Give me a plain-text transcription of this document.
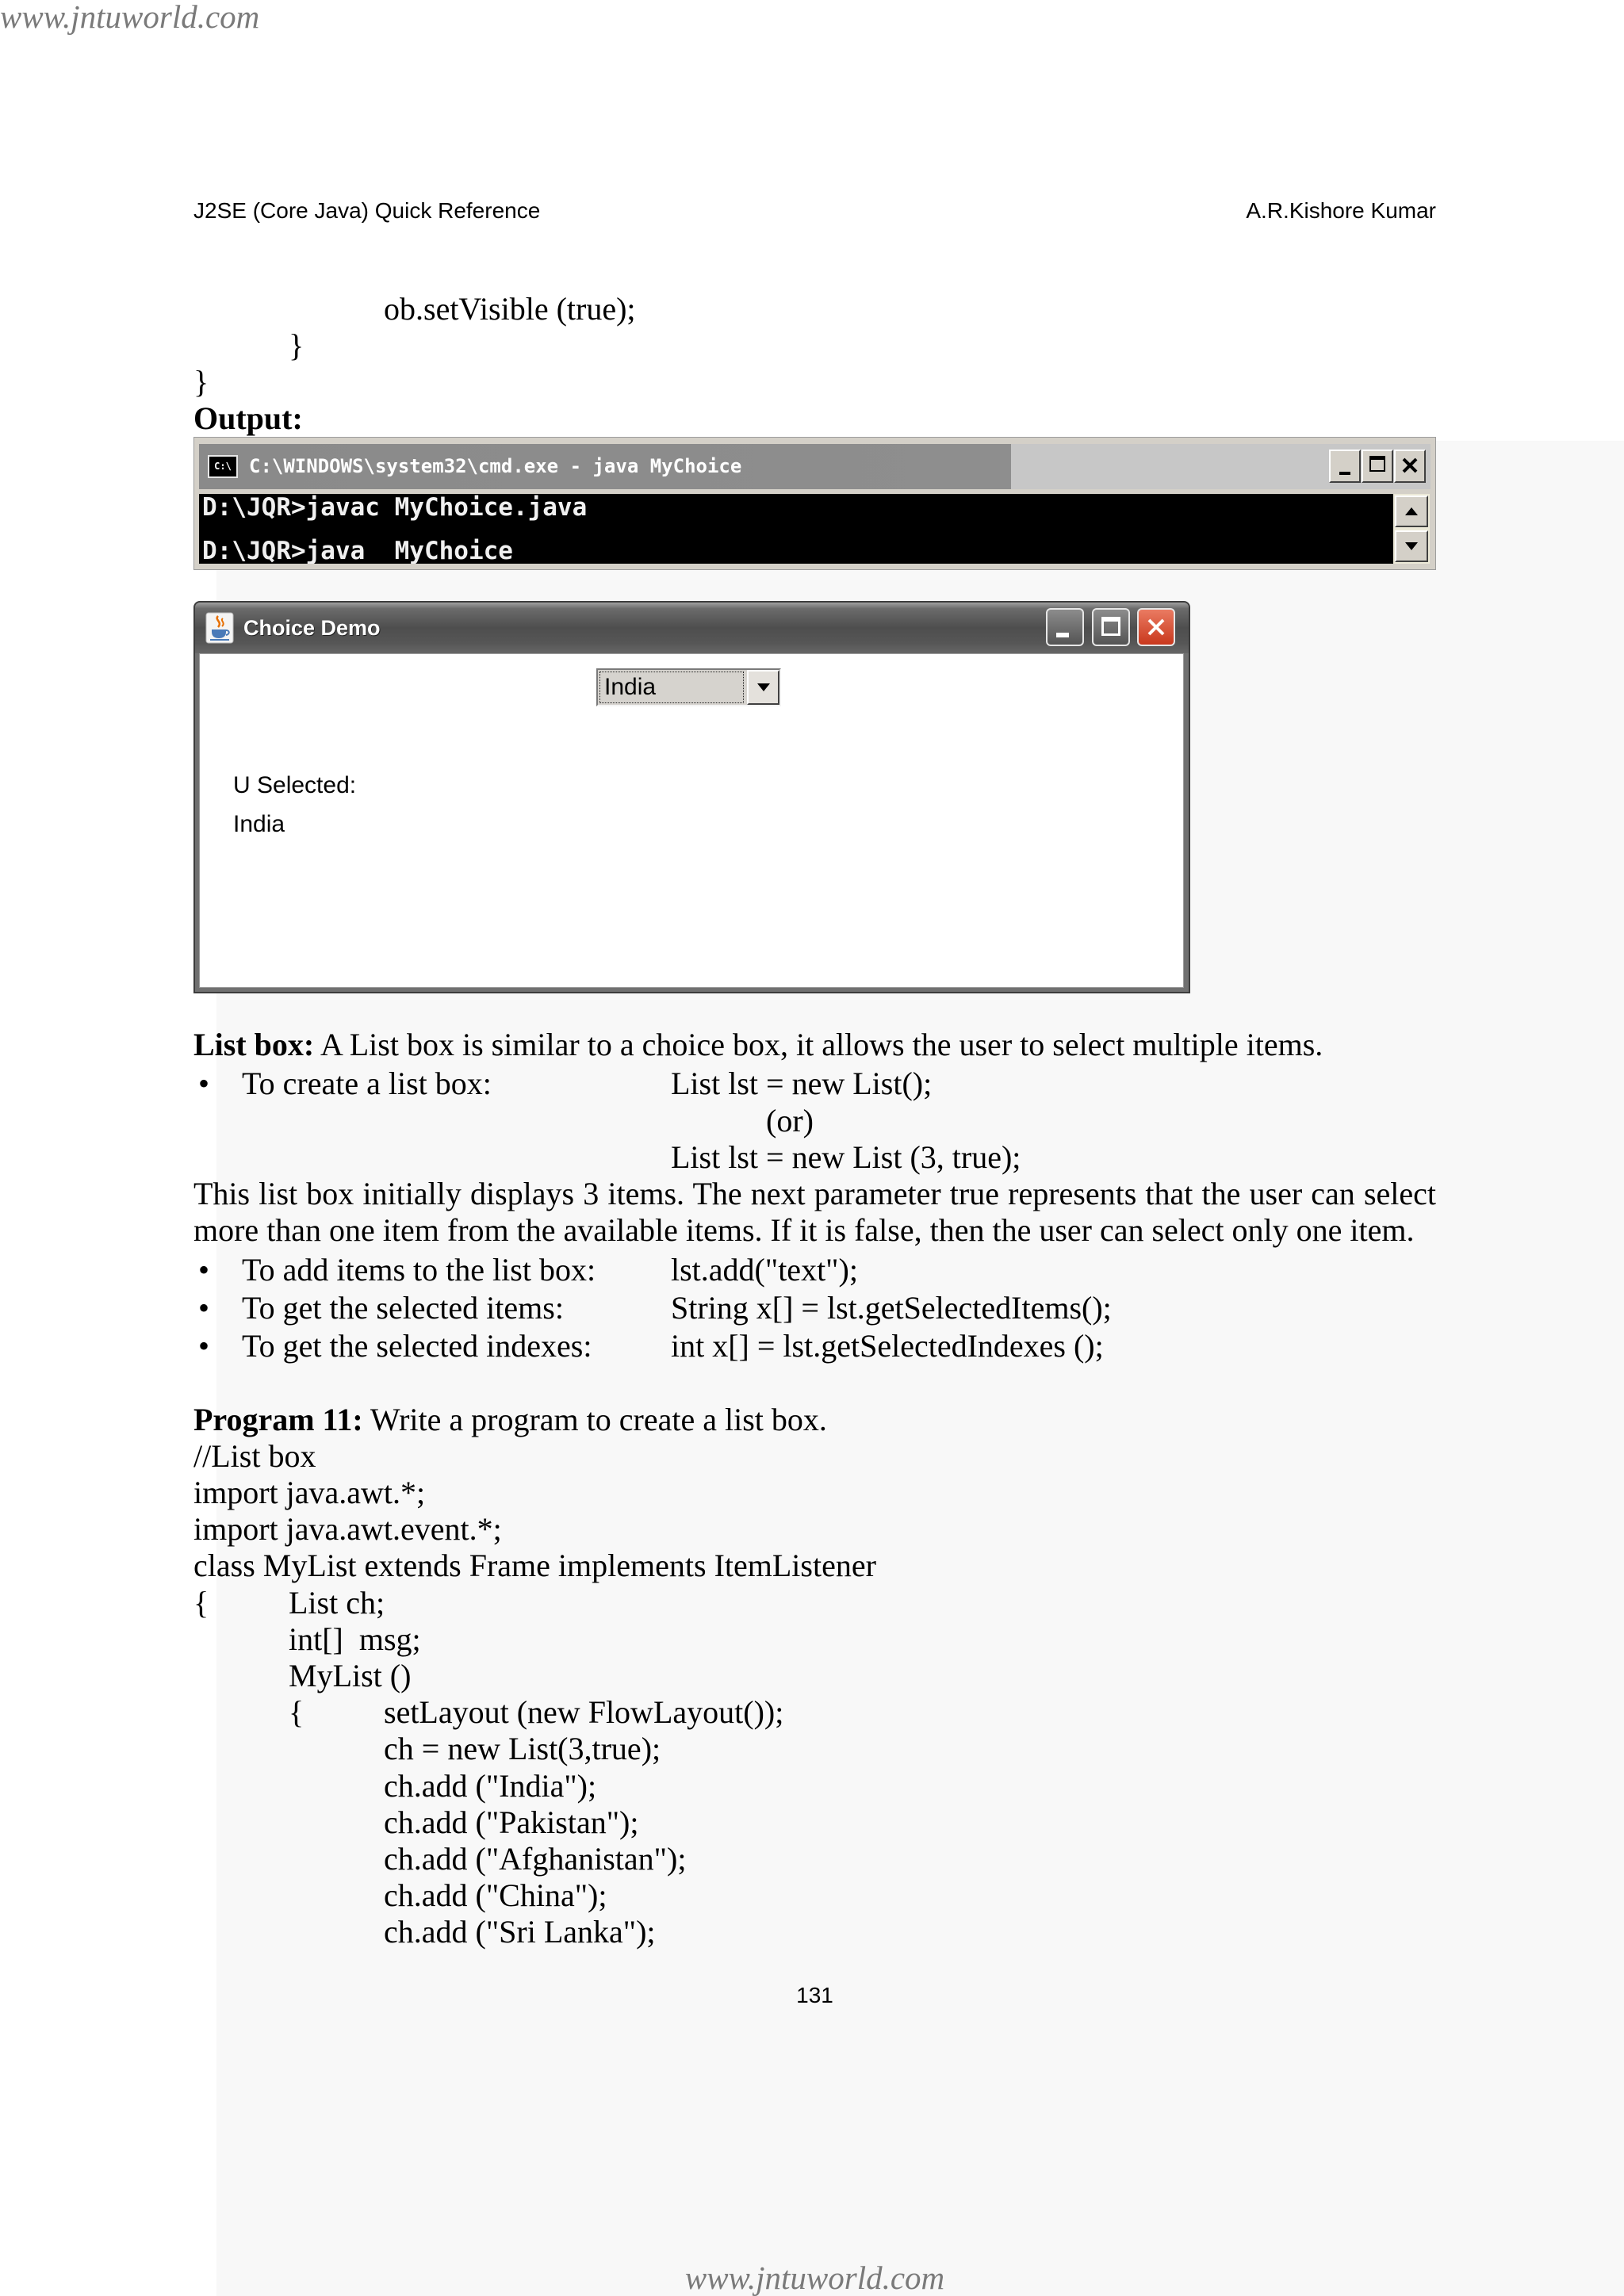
www.jntuworld.com
J2SE (Core Java) Quick Reference	A.R.Kishore Kumar
ob.setVisible (true);
}
}
Output:
C:\ C:\WINDOWS\system32\cmd.exe - java MyChoice
D:\JQR>javac MyChoice.java
D:\JQR>java  MyChoice
Choice Demo
India
U Selected:
India
List box: A List box is similar to a choice box, it allows the user to select multiple items.
• To create a list box:	List lst = new List();
(or)
List lst = new List (3, true);
This list box initially displays 3 items. The next parameter true represents that the user can select
more than one item from the available items. If it is false, then the user can select only one item.
• To add items to the list box: lst.add("text");
• To get the selected items:	String x[] = lst.getSelectedItems();
• To get the selected indexes: int x[] = lst.getSelectedIndexes ();
Program 11: Write a program to create a list box.
//List box
import java.awt.*;
import java.awt.event.*;
class MyList extends Frame implements ItemListener
{	List ch;
int[]  msg;
MyList ()
{	setLayout (new FlowLayout());
ch = new List(3,true);
ch.add ("India");
ch.add ("Pakistan");
ch.add ("Afghanistan");
ch.add ("China");
ch.add ("Sri Lanka");
131
www.jntuworld.com
